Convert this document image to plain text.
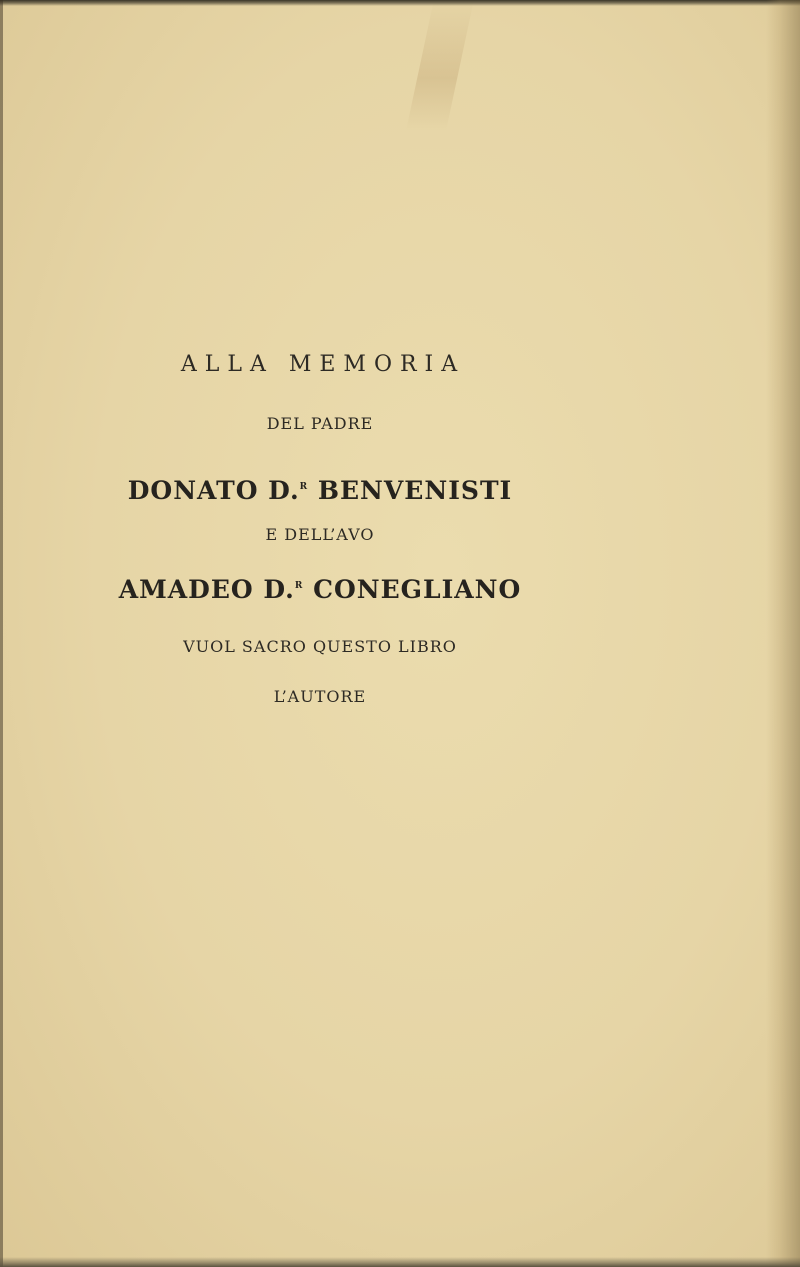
ALLA MEMORIA
DEL PADRE
DONATO D.$^R$ BENVENISTI
E DELL’AVO
AMADEO D.$^R$ CONEGLIANO
VUOL SACRO QUESTO LIBRO
L’AUTORE
